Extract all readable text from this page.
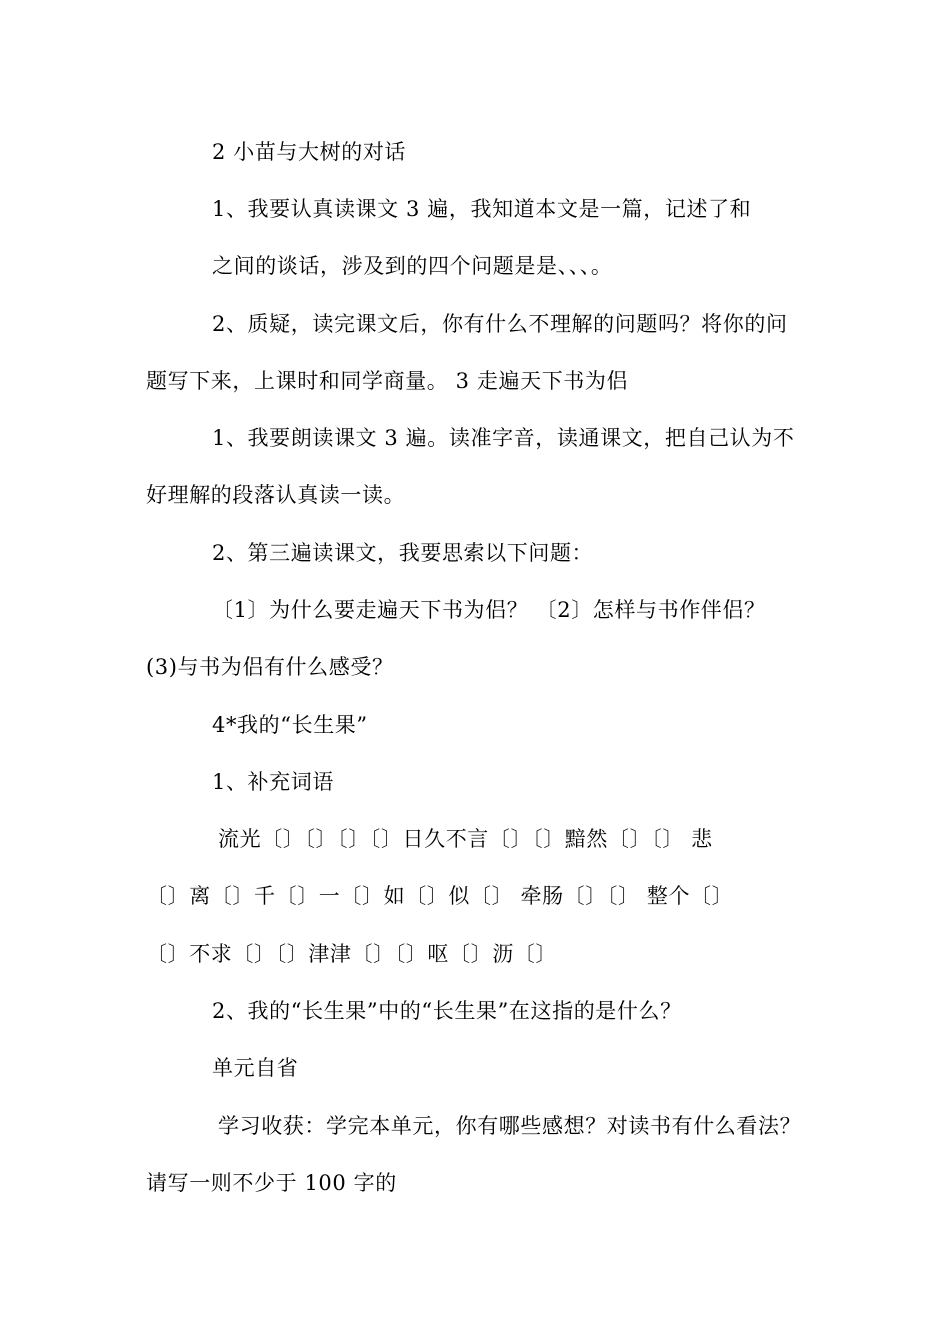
2 小苗与大树的对话
1、我要认真读课文 3 遍，我知道本文是一篇，记述了和
之间的谈话，涉及到的四个问题是是、、、。
2、质疑，读完课文后，你有什么不理解的问题吗？将你的问
题写下来，上课时和同学商量。 3 走遍天下书为侣
1、我要朗读课文 3 遍。读准字音，读通课文，把自己认为不
好理解的段落认真读一读。
2、第三遍读课文，我要思索以下问题：
〔1〕为什么要走遍天下书为侣？ 〔2〕怎样与书作伴侣？
(3)与书为侣有什么感受？
4*我的“长生果”
1、补充词语
流光〔〕〔〕〔〕〔〕日久不言〔〕〔〕黯然〔〕〔〕 悲
〔〕离〔〕千〔〕一〔〕如〔〕似〔〕 牵肠〔〕〔〕 整个〔〕
〔〕不求〔〕〔〕津津〔〕〔〕呕〔〕沥〔〕
2、我的“长生果”中的“长生果”在这指的是什么？
单元自省
学习收获：学完本单元，你有哪些感想？对读书有什么看法？
请写一则不少于 100 字的
